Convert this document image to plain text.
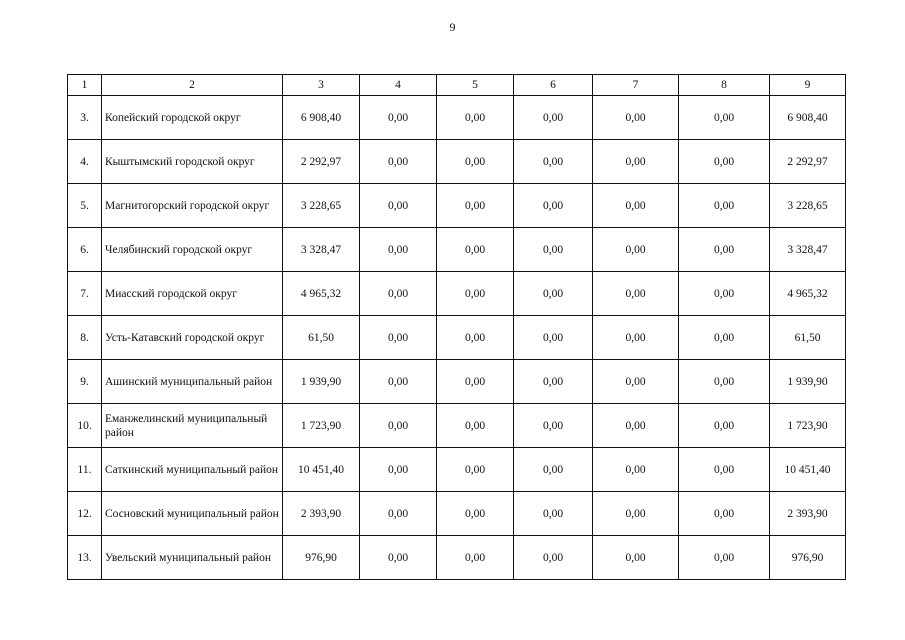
9
1	2	3	4	5	6	7	8	9
3.	Копейский городской округ	6 908,40	0,00	0,00	0,00	0,00	0,00	6 908,40
4.	Кыштымский городской округ	2 292,97	0,00	0,00	0,00	0,00	0,00	2 292,97
5.	Магнитогорский городской округ	3 228,65	0,00	0,00	0,00	0,00	0,00	3 228,65
6.	Челябинский городской округ	3 328,47	0,00	0,00	0,00	0,00	0,00	3 328,47
7.	Миасский городской округ	4 965,32	0,00	0,00	0,00	0,00	0,00	4 965,32
8.	Усть-Катавский городской округ	61,50	0,00	0,00	0,00	0,00	0,00	61,50
9.	Ашинский муниципальный район	1 939,90	0,00	0,00	0,00	0,00	0,00	1 939,90
10.	Еманжелинский муниципальный район	1 723,90	0,00	0,00	0,00	0,00	0,00	1 723,90
11.	Саткинский муниципальный район	10 451,40	0,00	0,00	0,00	0,00	0,00	10 451,40
12.	Сосновский муниципальный район	2 393,90	0,00	0,00	0,00	0,00	0,00	2 393,90
13.	Увельский муниципальный район	976,90	0,00	0,00	0,00	0,00	0,00	976,90
